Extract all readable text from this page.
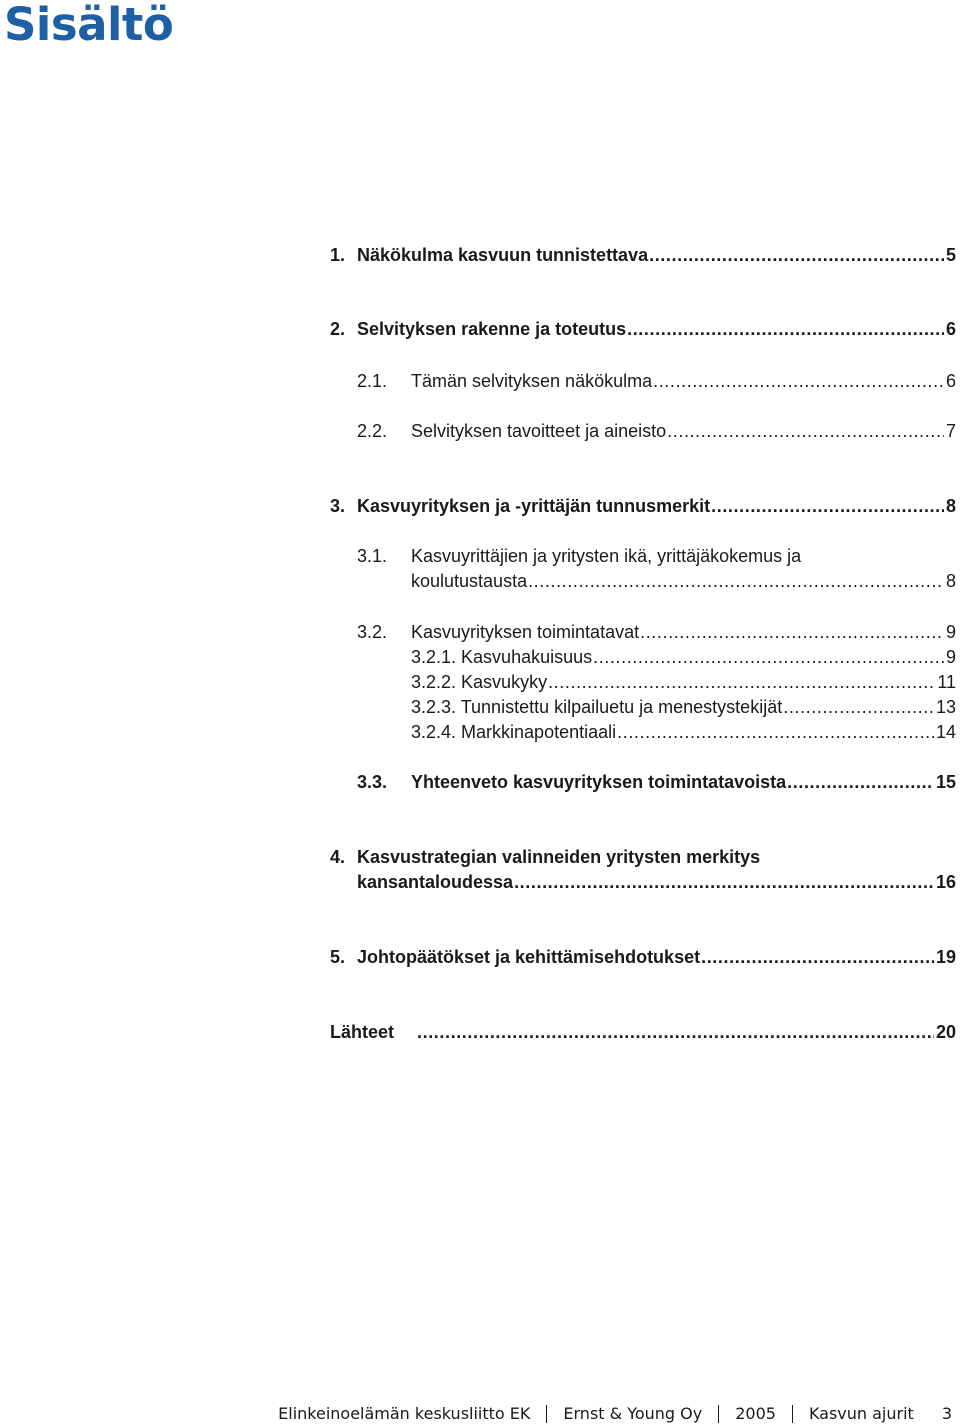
Sisältö
1. Näkökulma kasvuun tunnistettava .....	5
2. Selvityksen rakenne ja toteutus .....	6
2.1.	Tämän selvityksen näkökulma .....	6
2.2.	Selvityksen tavoitteet ja aineisto .....	7
3. Kasvuyrityksen ja -yrittäjän tunnusmerkit .....	8
3.1. Kasvuyrittäjien ja yritysten ikä, yrittäjäkokemus ja
koulutustausta .....	8
3.2.	Kasvuyrityksen toimintatavat .....	9
3.2.1. Kasvuhakuisuus .....	9
3.2.2. Kasvukyky .....	11
3.2.3. Tunnistettu kilpailuetu ja menestystekijät .....	13
3.2.4. Markkinapotentiaali .....	14
3.3.	Yhteenveto kasvuyrityksen toimintatavoista .....	15
4. Kasvustrategian valinneiden yritysten merkitys
kansantaloudessa .....	16
5. Johtopäätökset ja kehittämisehdotukset .....	19
Lähteet .....	20
Elinkeinoelämän keskusliitto EK Ernst & Young Oy 2005 Kasvun ajurit 3
